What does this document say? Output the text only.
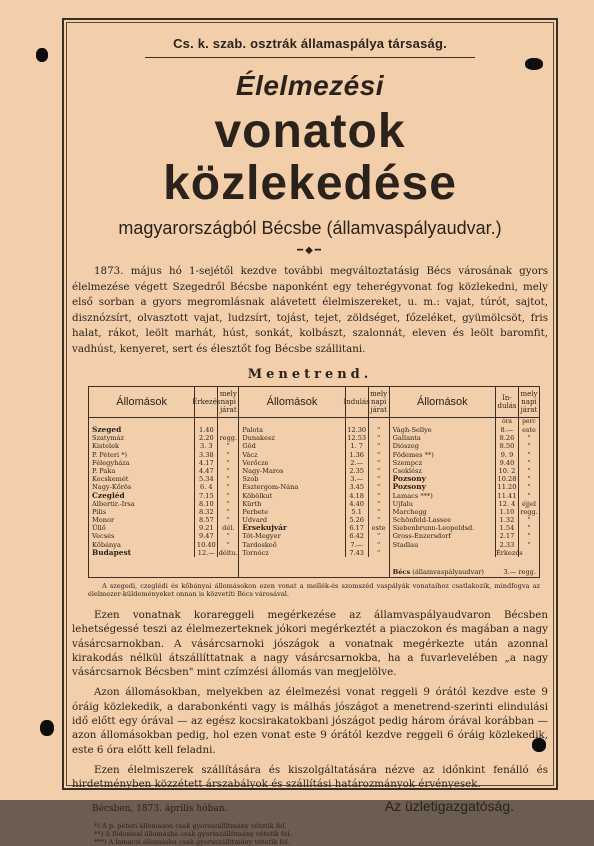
Cs. k. szab. osztrák államaspálya társaság.
Élelmezési
vonatok közlekedése
magyarországból Bécsbe (államvaspályaudvar.)
━◆━
1873. május hó 1-sejétől kezdve további megváltoztatásig Bécs városának gyors élelmezése végett Szegedről Bécsbe naponként egy teherégyvonat fog közlekedni, mely első sorban a gyors megromlásnak alávetett élelmiszereket, u. m.: vajat, túrót, sajtot, disznózsírt, olvasztott vajat, ludzsírt, tojást, tejet, zöldséget, főzeléket, gyümölcsöt, fris halat, rákot, leölt marhát, húst, sonkát, kolbászt, szalonnát, eleven és leölt baromfit, vadhúst, kenyeret, sert és élesztőt fog Bécsbe szállitani.
Menetrend.
Állomások	Érkezés
mely napi járat
Szeged	1.40
Szatymáz	2.20 regg.
Kistelek	3. 3	"
P. Péteri *)	3.38	"
Félegyháza	4.17	"
P. Paka	4.47	"
Kecskemét	5.34	"
Nagy-Kőrös	6. 4	"
Czegléd	7.15	"
Albertir.-Irsa	8.10	"
Pilis	8.32	"
Monor	8.57	"
Üllő	9.21	dél.
Vecsés	9.47	"
Kőbánya	10.40	"
Budapest	12.— déltu.
Állomások	Indulás
mely napi járat
Palota	12.30	"
Dunakesz	12.53	"
Göd	1. 7	"
Vácz	1.36	"
Verőcze	2.—	"
Nagy-Maros	2.35	"
Szob	3.—	"
Esztergom-Nána	3.45	"
Köbölkut	4.18	"
Kürth	4.40	"
Perbete	5.1	"
Udvard	5.26	"
Érsekujvár	6.17	este
Tót-Megyer	6.42	"
Tardoskeő	7.—	"
Tornócz	7.43	"
Állomások	In-dulás
mely napi járat
óra	perc
Vágh-Sellye	8.—	este
Gallanta	8.26	"
Diószeg	8.50	"
Födemes **)	9. 9	"
Szempcz	9.40	"
Cseklész	10. 2	"
Pozsony	10.28	"
Pozsony	11.20	"
Lamacs ***)	11.41	"
Ujfalu	12. 4 éjjel
Marchegg	1.10 regg.
Schönfeld-Lassee	1.32	"
Siebenbrunn-Leopoldsd.	1.54	"
Gross-Enzersdorf	2.17	"
Stadlau	2.33	"
Érkezés
Bécs (államvaspályaudvar)	3.— regg.
A szegedi, czeglédi és kőbányai állomásokon ezen vonat a mellék-és szomszéd vaspályák vonataihoz csatlakozik, mindfogva az élelmezer-küldeményeket onnan is közvetíti Bécs városával.

Ezen vonatnak korareggeli megérkezése az államvaspályaudvaron Bécsben lehetségessé teszi az élelmezerteknek jókori megérkeztét a piaczokon és magában a nagy vásárcsarnokban. A vásárcsarnoki jószágok a vonatnak megérkezte után azonnal kirakodás nélkül átszállíttatnak a nagy vásárcsarnokba, ha a fuvarlevelében „a nagy vásárcsarnok Bécsben" mint czímzési állomás van megjelölve.

Azon állomásokban, melyekben az élelmezési vonat reggeli 9 órától kezdve este 9 óráig közlekedik, a darabonkénti vagy is málhás jószágot a menetrend-szerinti elindulási idő előtt egy órával — az egész kocsirakatokbani jószágot pedig három órával korábban — azon állomásokban pedig, hol ezen vonat este 9 órától kezdve reggeli 6 óráig közlekedik, este 6 óra előtt kell feladni.

Ezen élelmiszerek szállítására és kiszolgáltatására nézve az időnkint fenálló és hirdetményben közzétett árszabályok és szállítási határozmányok érvényesek.

Bécsben, 1873. április hóban.	Az üzletigazgatóság.
*) A p. péteri állomáson csak gyorsszállítmány vétetik fel.
**) A födemesi állomásba csak gyorsszállítmány vétetik fel.
***) A lamacsi állomásba csak gyorsszállítmány vétetik fel.
